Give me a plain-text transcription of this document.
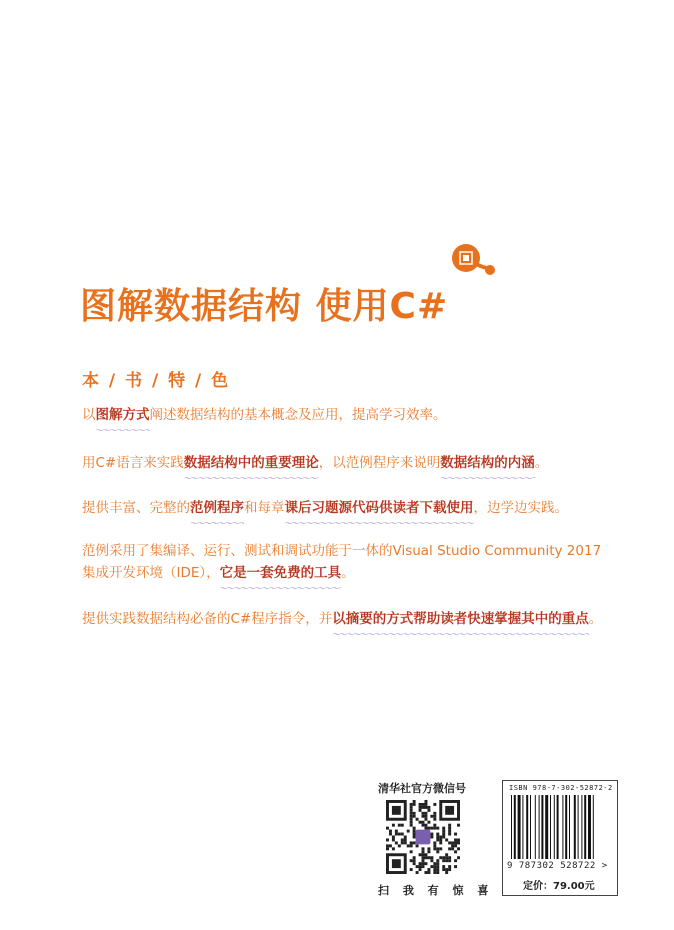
图解数据结构 使用C#
本 / 书 / 特 / 色
以图解方式 ～～～～～～～～～～～～～～～～～～～～～～～～～～～～～～～～～～～～～～～～～～～～阐述数据结构的基本概念及应用，提高学习效率。
用C#语言来实践数据结构中的重要理论 ～～～～～～～～～～～～～～～～～～～～～～～～～～～～～～～～～～～～～～～～～～～～，以范例程序来说明数据结构的内涵 ～～～～～～～～～～～～～～～～～～～～～～～～～～～～～～～～～～～～～～～～～～～～。
提供丰富、完整的范例程序 ～～～～～～～～～～～～～～～～～～～～～～～～～～～～～～～～～～～～～～～～～～～～和每章课后习题源代码供读者下载使用 ～～～～～～～～～～～～～～～～～～～～～～～～～～～～～～～～～～～～～～～～～～～～，边学边实践。
范例采用了集编译、运行、测试和调试功能于一体的Visual Studio Community 2017
集成开发环境（IDE），它是一套免费的工具 ～～～～～～～～～～～～～～～～～～～～～～～～～～～～～～～～～～～～～～～～～～～～。
提供实践数据结构必备的C#程序指令，并以摘要的方式帮助读者快速掌握其中的重点 ～～～～～～～～～～～～～～～～～～～～～～～～～～～～～～～～～～～～～～～～～～～～。
清华社官方微信号
扫 我 有 惊 喜
ISBN 978-7-302-52872-2
9 787302 528722 >
定价：79.00元
